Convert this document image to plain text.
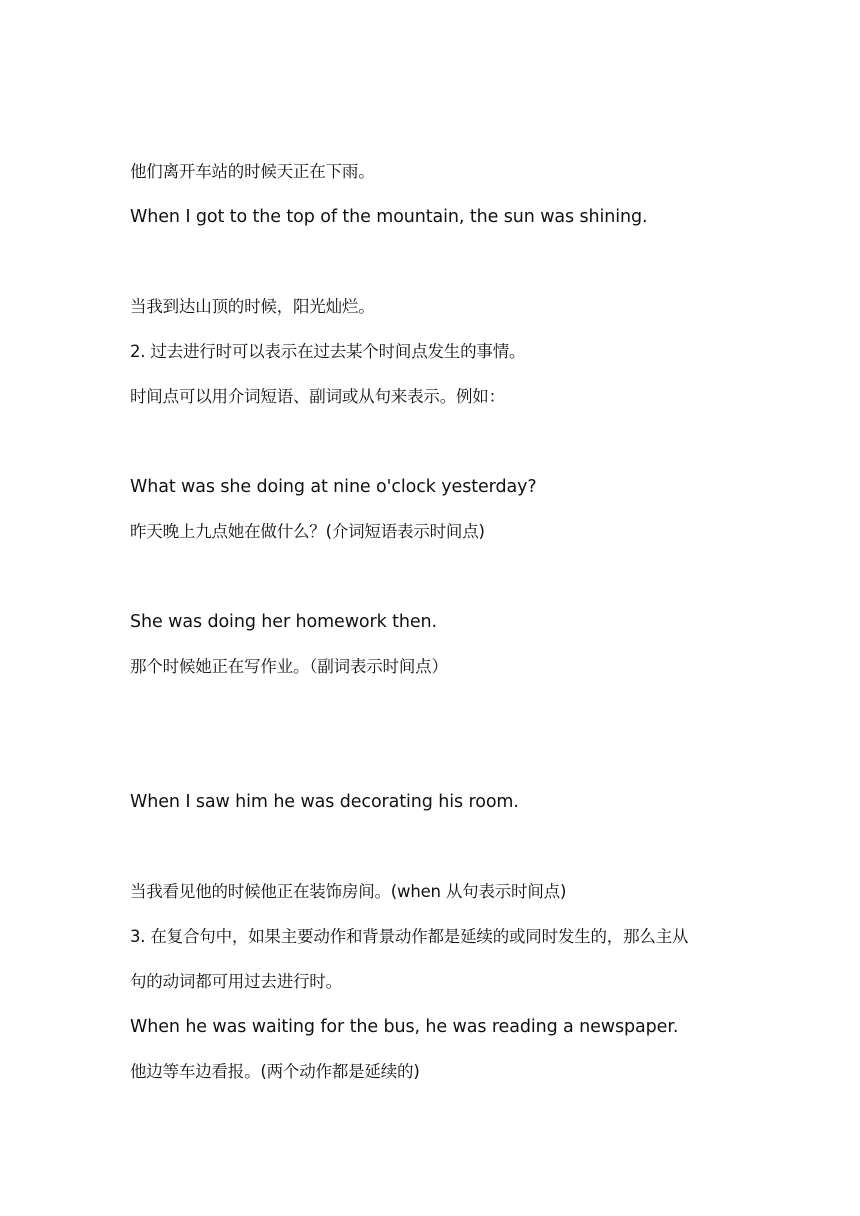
他们离开车站的时候天正在下雨。
When I got to the top of the mountain, the sun was shining.
当我到达山顶的时候，阳光灿烂。
2. 过去进行时可以表示在过去某个时间点发生的事情。
时间点可以用介词短语、副词或从句来表示。例如：
What was she doing at nine o'clock yesterday?
昨天晚上九点她在做什么？(介词短语表示时间点)
She was doing her homework then.
那个时候她正在写作业。（副词表示时间点）
When I saw him he was decorating his room.
当我看见他的时候他正在装饰房间。(when 从句表示时间点)
3. 在复合句中，如果主要动作和背景动作都是延续的或同时发生的，那么主从
句的动词都可用过去进行时。
When he was waiting for the bus, he was reading a newspaper.
他边等车边看报。(两个动作都是延续的)
